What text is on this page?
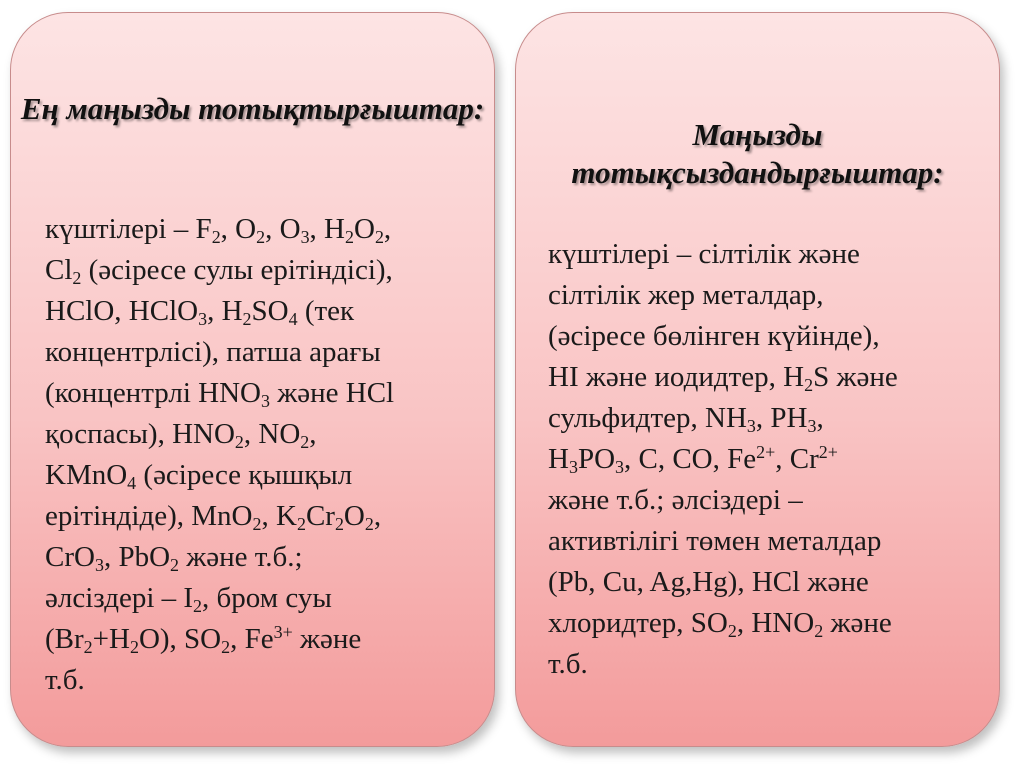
Ең маңызды тотықтырғыштар:
күштілері – $F_2$, $O_2$, $O_3$, $H_2O_2$,
$Cl_2$ (әсіресе сулы ерітіндісі),
HClO, HClO$_3$, $H_2SO_4$ (тек
концентрлісі), патша арағы
(концентрлі $HNO_3$ және HCl
қоспасы), $HNO_2$, $NO_2$,
KMnO$_4$ (әсіресе қышқыл
ерітіндіде), MnO$_2$, $K_2Cr_2O_2$,
CrO$_3$, PbO$_2$ және т.б.;
әлсіздері – $I_2$, бром суы
$(Br_2+H_2O)$, $SO_2$, $Fe^{3+}$ және
т.б.
Маңызды тотықсыздандырғыштар:
күштілері – сілтілік және
сілтілік жер металдар,
(әсіресе бөлінген күйінде),
HI және иодидтер, $H_2S$ және
сульфидтер, $NH_3$, $PH_3$,
$H_3PO_3$, C, CO, $Fe^{2+}$, $Cr^{2+}$
және т.б.; әлсіздері –
активтілігі төмен металдар
(Pb, Cu, Ag,Hg), HCl және
хлоридтер, $SO_2$, $HNO_2$ және
т.б.
